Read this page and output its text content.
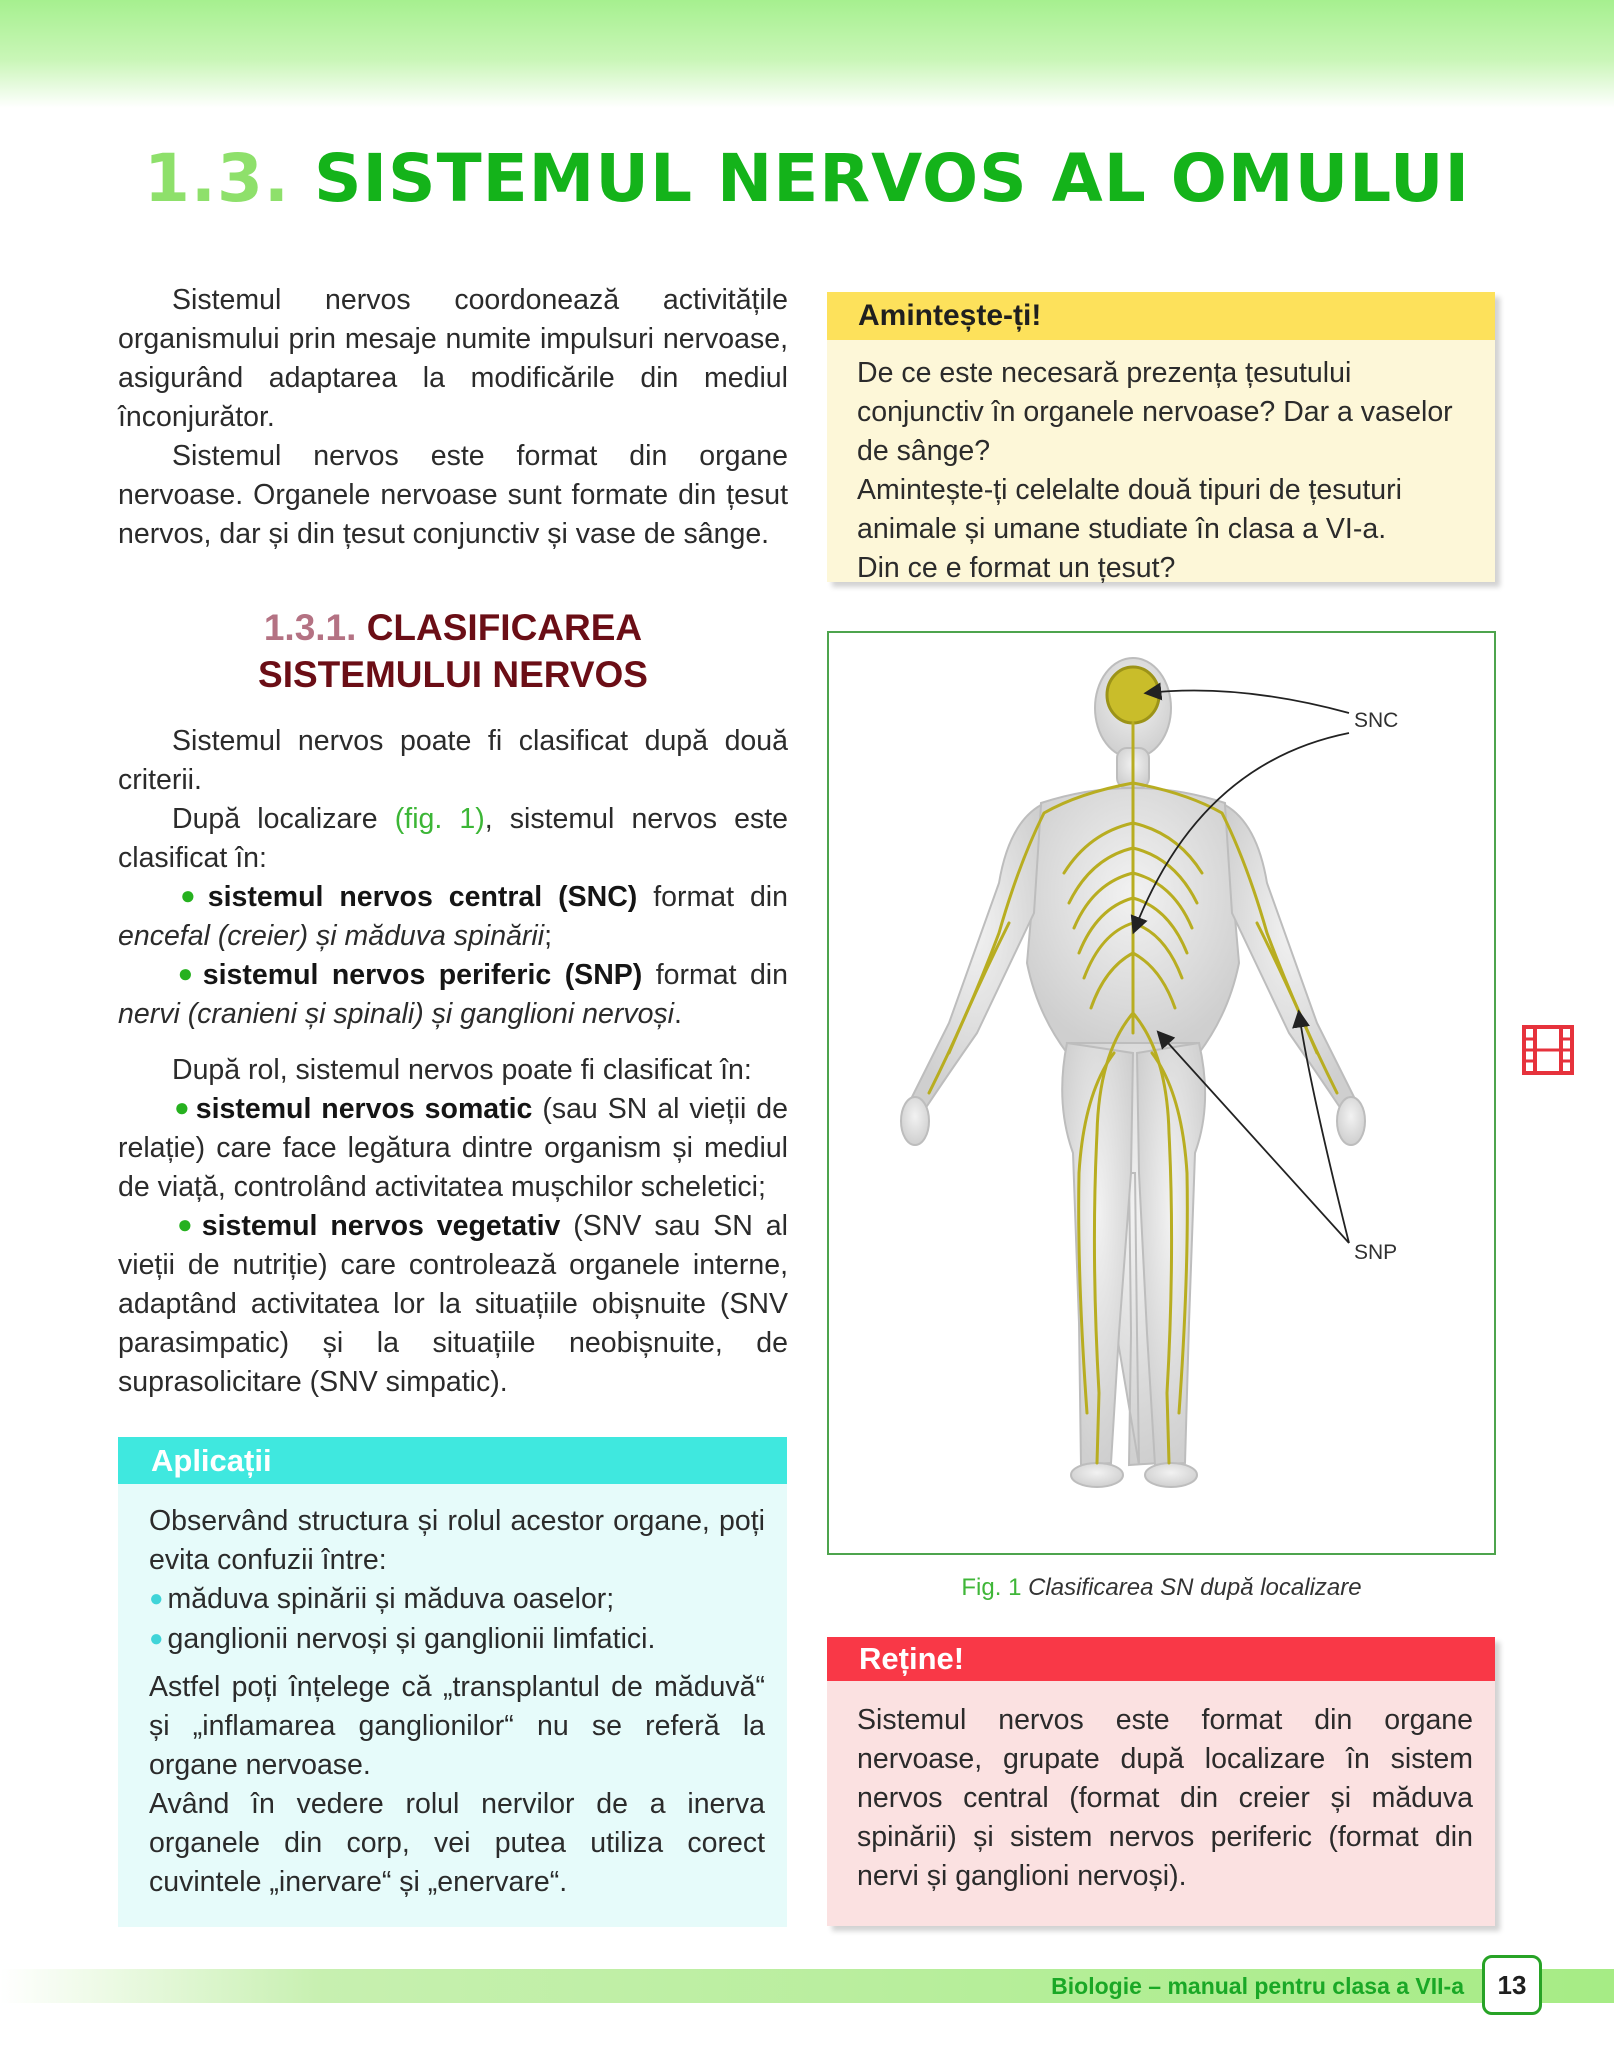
1.3. SISTEMUL NERVOS AL OMULUI
Sistemul nervos coordonează activitățile organismului prin mesaje numite impulsuri nervoase, asigurând adaptarea la modificările din mediul înconjurător.
Sistemul nervos este format din organe nervoase. Organele nervoase sunt formate din țesut nervos, dar și din țesut conjunctiv și vase de sânge.
Amintește-ți!
De ce este necesară prezența țesutului conjunctiv în organele nervoase? Dar a vaselor de sânge?
Amintește-ți celelalte două tipuri de țesuturi animale și umane studiate în clasa a VI-a.
Din ce e format un țesut?
1.3.1. CLASIFICAREA
SISTEMULUI NERVOS
Sistemul nervos poate fi clasificat după două criterii.
După localizare (fig. 1), sistemul nervos este clasificat în:
● sistemul nervos central (SNC) format din encefal (creier) și măduva spinării;
● sistemul nervos periferic (SNP) format din nervi (cranieni și spinali) și ganglioni nervoși.
După rol, sistemul nervos poate fi clasificat în:
● sistemul nervos somatic (sau SN al vieții de relație) care face legătura dintre organism și mediul de viață, controlând activitatea mușchilor scheletici;
● sistemul nervos vegetativ (SNV sau SN al vieții de nutriție) care controlează organele interne, adaptând activitatea lor la situațiile obișnuite (SNV parasimpatic) și la situațiile neobișnuite, de suprasolicitare (SNV simpatic).
SNC
SNP
Fig. 1 Clasificarea SN după localizare
Aplicații
Observând structura și rolul acestor organe, poți evita confuzii între:
● măduva spinării și măduva oaselor;
● ganglionii nervoși și ganglionii limfatici.
Astfel poți înțelege că „transplantul de măduvă“ și „inflamarea ganglionilor“ nu se referă la organe nervoase.
Având în vedere rolul nervilor de a inerva organele din corp, vei putea utiliza corect cuvintele „inervare“ și „enervare“.
Reține!
Sistemul nervos este format din organe nervoase, grupate după localizare în sistem nervos central (format din creier și măduva spinării) și sistem nervos periferic (format din nervi și ganglioni nervoși).
Biologie – manual pentru clasa a VII-a	13
